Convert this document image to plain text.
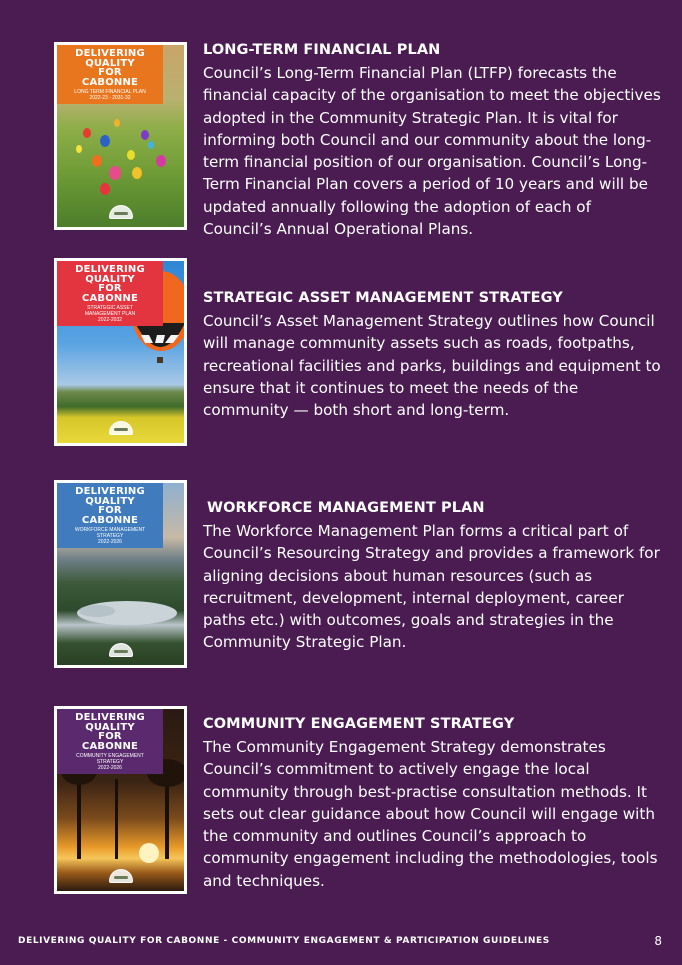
DELIVERING
QUALITY
FOR
CABONNE
LONG TERM FINANCIAL PLAN
2022-23 - 2031-32
LONG-TERM FINANCIAL PLAN
Council’s Long-Term Financial Plan (LTFP) forecasts the financial capacity of the organisation to meet the objectives adopted in the Community Strategic Plan. It is vital for informing both Council and our community about the long-term financial position of our organisation. Council’s Long-Term Financial Plan covers a period of 10 years and will be updated annually following the adoption of each of Council’s Annual Operational Plans.
DELIVERING
QUALITY
FOR
CABONNE
STRATEGIC ASSET
MANAGEMENT PLAN
2022-2032
STRATEGIC ASSET MANAGEMENT STRATEGY
Council’s Asset Management Strategy outlines how Council will manage community assets such as roads, footpaths, recreational facilities and parks, buildings and equipment to ensure that it continues to meet the needs of the community — both short and long-term.
DELIVERING
QUALITY
FOR
CABONNE
WORKFORCE MANAGEMENT
STRATEGY
2022-2026
WORKFORCE MANAGEMENT PLAN
The Workforce Management Plan forms a critical part of Council’s Resourcing Strategy and provides a framework for aligning decisions about human resources (such as recruitment, development, internal deployment, career paths etc.) with outcomes, goals and strategies in the Community Strategic Plan.
DELIVERING
QUALITY
FOR
CABONNE
COMMUNITY ENGAGEMENT
STRATEGY
2022-2026
COMMUNITY ENGAGEMENT STRATEGY
The Community Engagement Strategy demonstrates Council’s commitment to actively engage the local community through best-practise consultation methods. It sets out clear guidance about how Council will engage with the community and outlines Council’s approach to community engagement including the methodologies, tools and techniques.
DELIVERING QUALITY FOR CABONNE - COMMUNITY ENGAGEMENT & PARTICIPATION GUIDELINES	8
